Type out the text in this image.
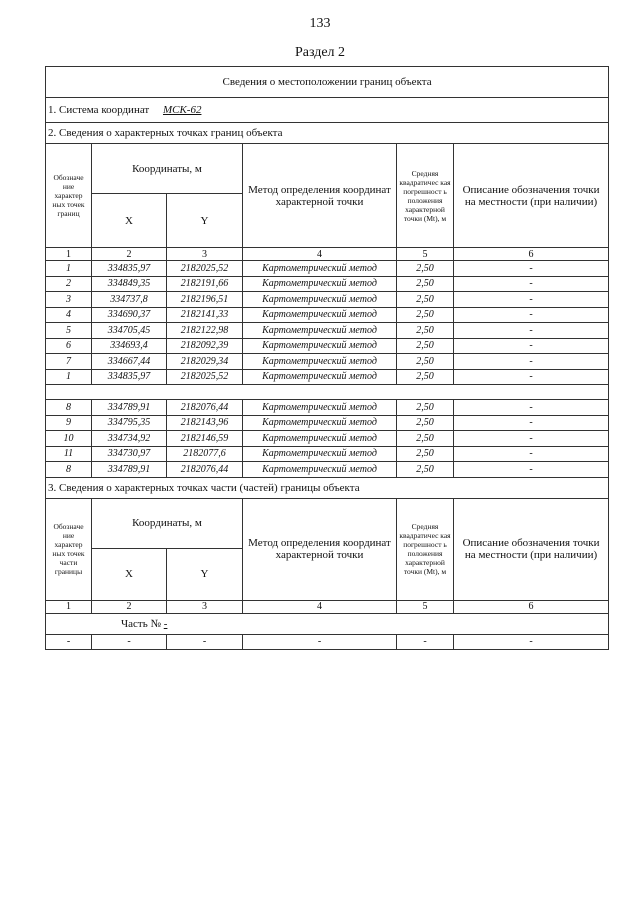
133
Раздел 2
Сведения о местоположении границ объекта					
1. Система координат МСК-62					
2. Сведения о характерных точках границ объекта					
Обозначе ние характер ных точек границ	Координаты, м		Метод определения координат характерной точки	Средняя квадратичес кая погрешност ь положения характерной точки (Mt), м	Описание обозначения точки на местности (при наличии)
	X	Y			
1	2	3	4	5	6
1	334835,97	2182025,52	Картометрический метод	2,50	-
2	334849,35	2182191,66	Картометрический метод	2,50	-
3	334737,8	2182196,51	Картометрический метод	2,50	-
4	334690,37	2182141,33	Картометрический метод	2,50	-
5	334705,45	2182122,98	Картометрический метод	2,50	-
6	334693,4	2182092,39	Картометрический метод	2,50	-
7	334667,44	2182029,34	Картометрический метод	2,50	-
1	334835,97	2182025,52	Картометрический метод	2,50	-

8	334789,91	2182076,44	Картометрический метод	2,50	-
9	334795,35	2182143,96	Картометрический метод	2,50	-
10	334734,92	2182146,59	Картометрический метод	2,50	-
11	334730,97	2182077,6	Картометрический метод	2,50	-
8	334789,91	2182076,44	Картометрический метод	2,50	-
3. Сведения о характерных точках части (частей) границы объекта					
Обозначе ние характер ных точек части границы	Координаты, м		Метод определения координат характерной точки	Средняя квадратичес кая погрешност ь положения характерной точки (Mt), м	Описание обозначения точки на местности (при наличии)
	X	Y			
1	2	3	4	5	6
Часть № -					
-	-	-	-	-	-
